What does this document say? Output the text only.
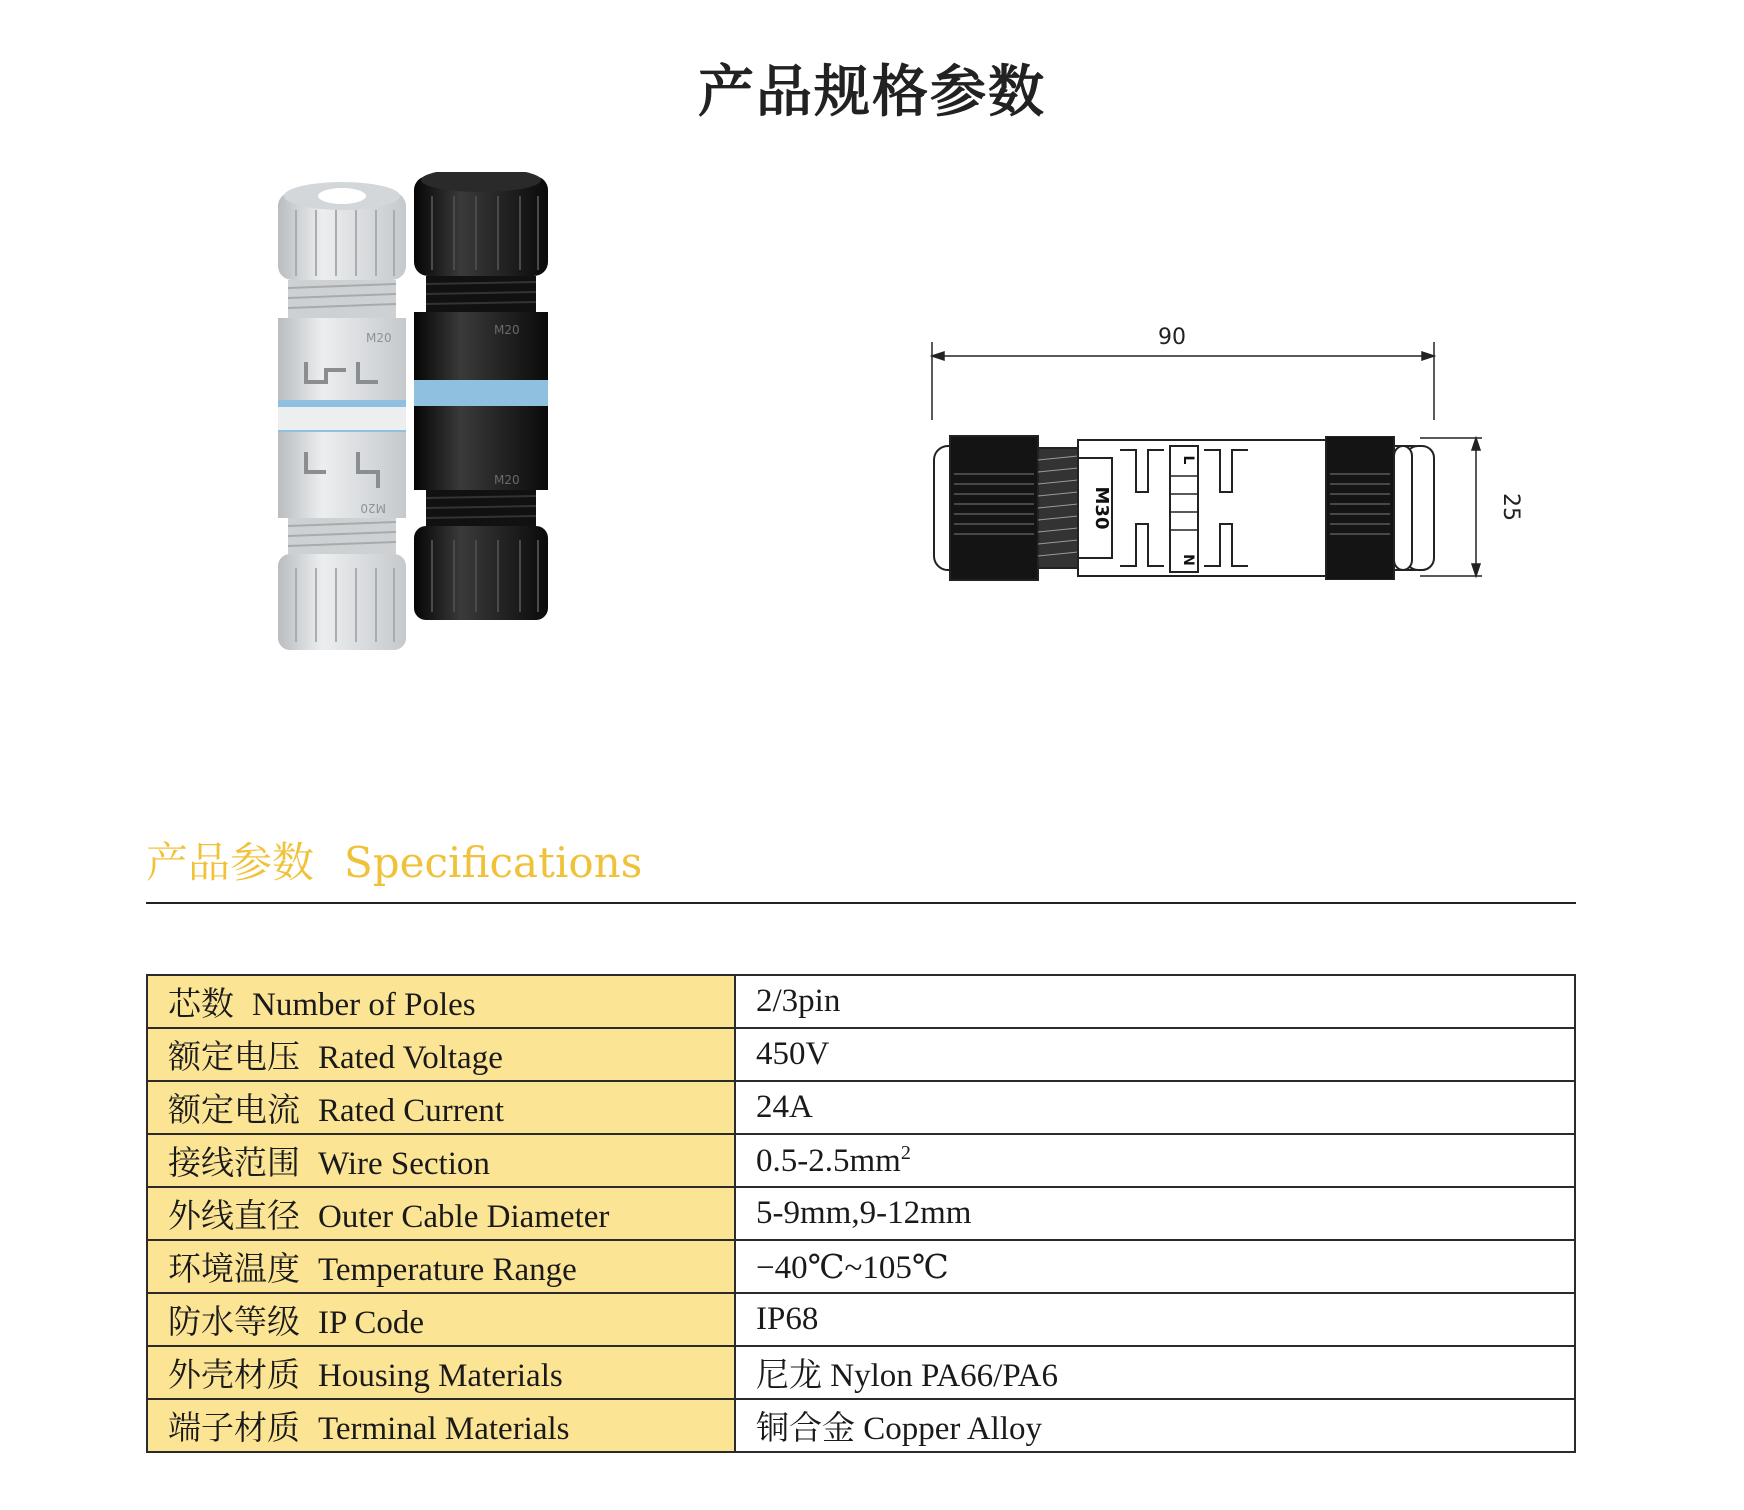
产品规格参数
M20
M20
M20
M20
90
25
M30
L
N
产品参数 Specifications
芯数 Number of Poles	2/3pin
额定电压 Rated Voltage	450V
额定电流 Rated Current	24A
接线范围 Wire Section	$0.5-2.5mm^2$
外线直径 Outer Cable Diameter	5-9mm,9-12mm
环境温度 Temperature Range	−40℃~105℃
防水等级 IP Code	IP68
外壳材质 Housing Materials	尼龙 Nylon PA66/PA6
端子材质 Terminal Materials	铜合金 Copper Alloy
